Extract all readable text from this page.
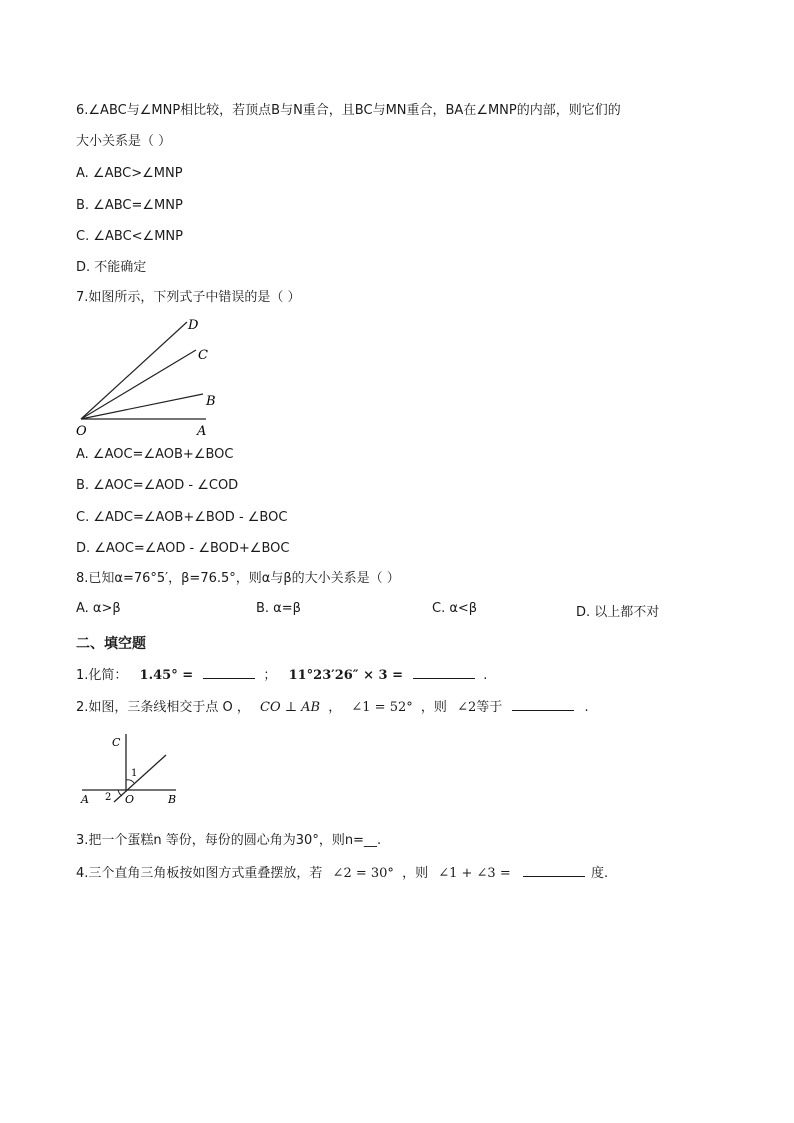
6.∠ABC与∠MNP相比较，若顶点B与N重合，且BC与MN重合，BA在∠MNP的内部，则它们的
大小关系是（ ）
A. ∠ABC>∠MNP
B. ∠ABC=∠MNP
C. ∠ABC<∠MNP
D. 不能确定
7.如图所示，下列式子中错误的是（ ）
O	A
B
C
D
A. ∠AOC=∠AOB+∠BOC
B. ∠AOC=∠AOD - ∠COD
C. ∠ADC=∠AOB+∠BOD - ∠BOC
D. ∠AOC=∠AOD - ∠BOD+∠BOC
8.已知α=76°5′，β=76.5°，则α与β的大小关系是（ ）
A. α>β	B. α=β	C. α<β	D. 以上都不对
二、填空题
1.化简： 1.45° =	； 11°23′26″ × 3 =	.
2.如图，三条线相交于点 O ， CO ⊥ AB ， ∠1 = 52° ，则 ∠2等于	.
C
A	O	B
1
2
3.把一个蛋糕n 等份，每份的圆心角为30°，则n=__.
4.三个直角三角板按如图方式重叠摆放，若 ∠2 = 30° ，则 ∠1 + ∠3 =	度.
